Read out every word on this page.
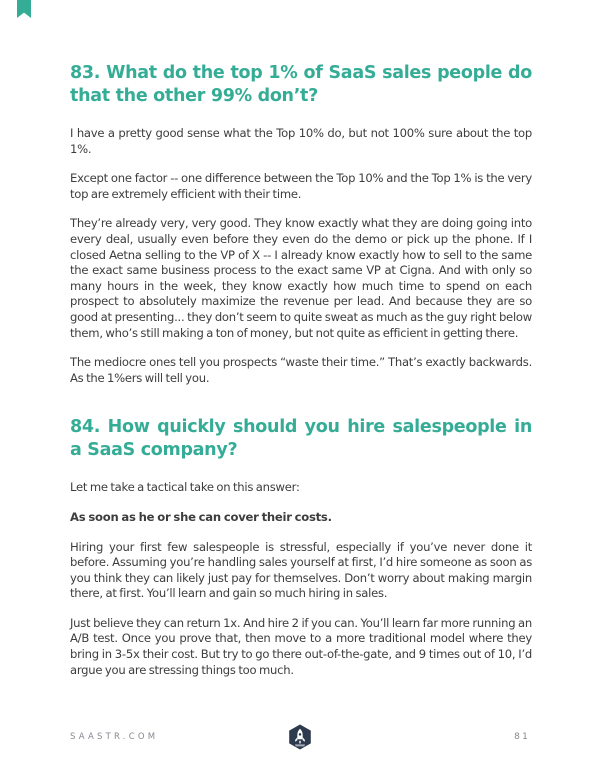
83. What do the top 1% of SaaS sales people do that the other 99% don’t?

I have a pretty good sense what the Top 10% do, but not 100% sure about the top 1%.

Except one factor -- one difference between the Top 10% and the Top 1% is the very top are extremely efficient with their time.

They’re already very, very good. They know exactly what they are doing going into every deal, usually even before they even do the demo or pick up the phone. If I closed Aetna selling to the VP of X -- I already know exactly how to sell to the same the exact same business process to the exact same VP at Cigna. And with only so many hours in the week, they know exactly how much time to spend on each prospect to absolutely maximize the revenue per lead. And because they are so good at presenting... they don’t seem to quite sweat as much as the guy right below them, who’s still making a ton of money, but not quite as efficient in getting there.

The mediocre ones tell you prospects “waste their time.” That’s exactly backwards. As the 1%ers will tell you.

84. How quickly should you hire salespeople in a SaaS company?

Let me take a tactical take on this answer:

As soon as he or she can cover their costs.

Hiring your first few salespeople is stressful, especially if you’ve never done it before. Assuming you’re handling sales yourself at first, I’d hire someone as soon as you think they can likely just pay for themselves. Don’t worry about making margin there, at first. You’ll learn and gain so much hiring in sales.

Just believe they can return 1x. And hire 2 if you can. You’ll learn far more running an A/B test. Once you prove that, then move to a more traditional model where they bring in 3-5x their cost. But try to go there out-of-the-gate, and 9 times out of 10, I’d argue you are stressing things too much.

SAASTR.COM	81
